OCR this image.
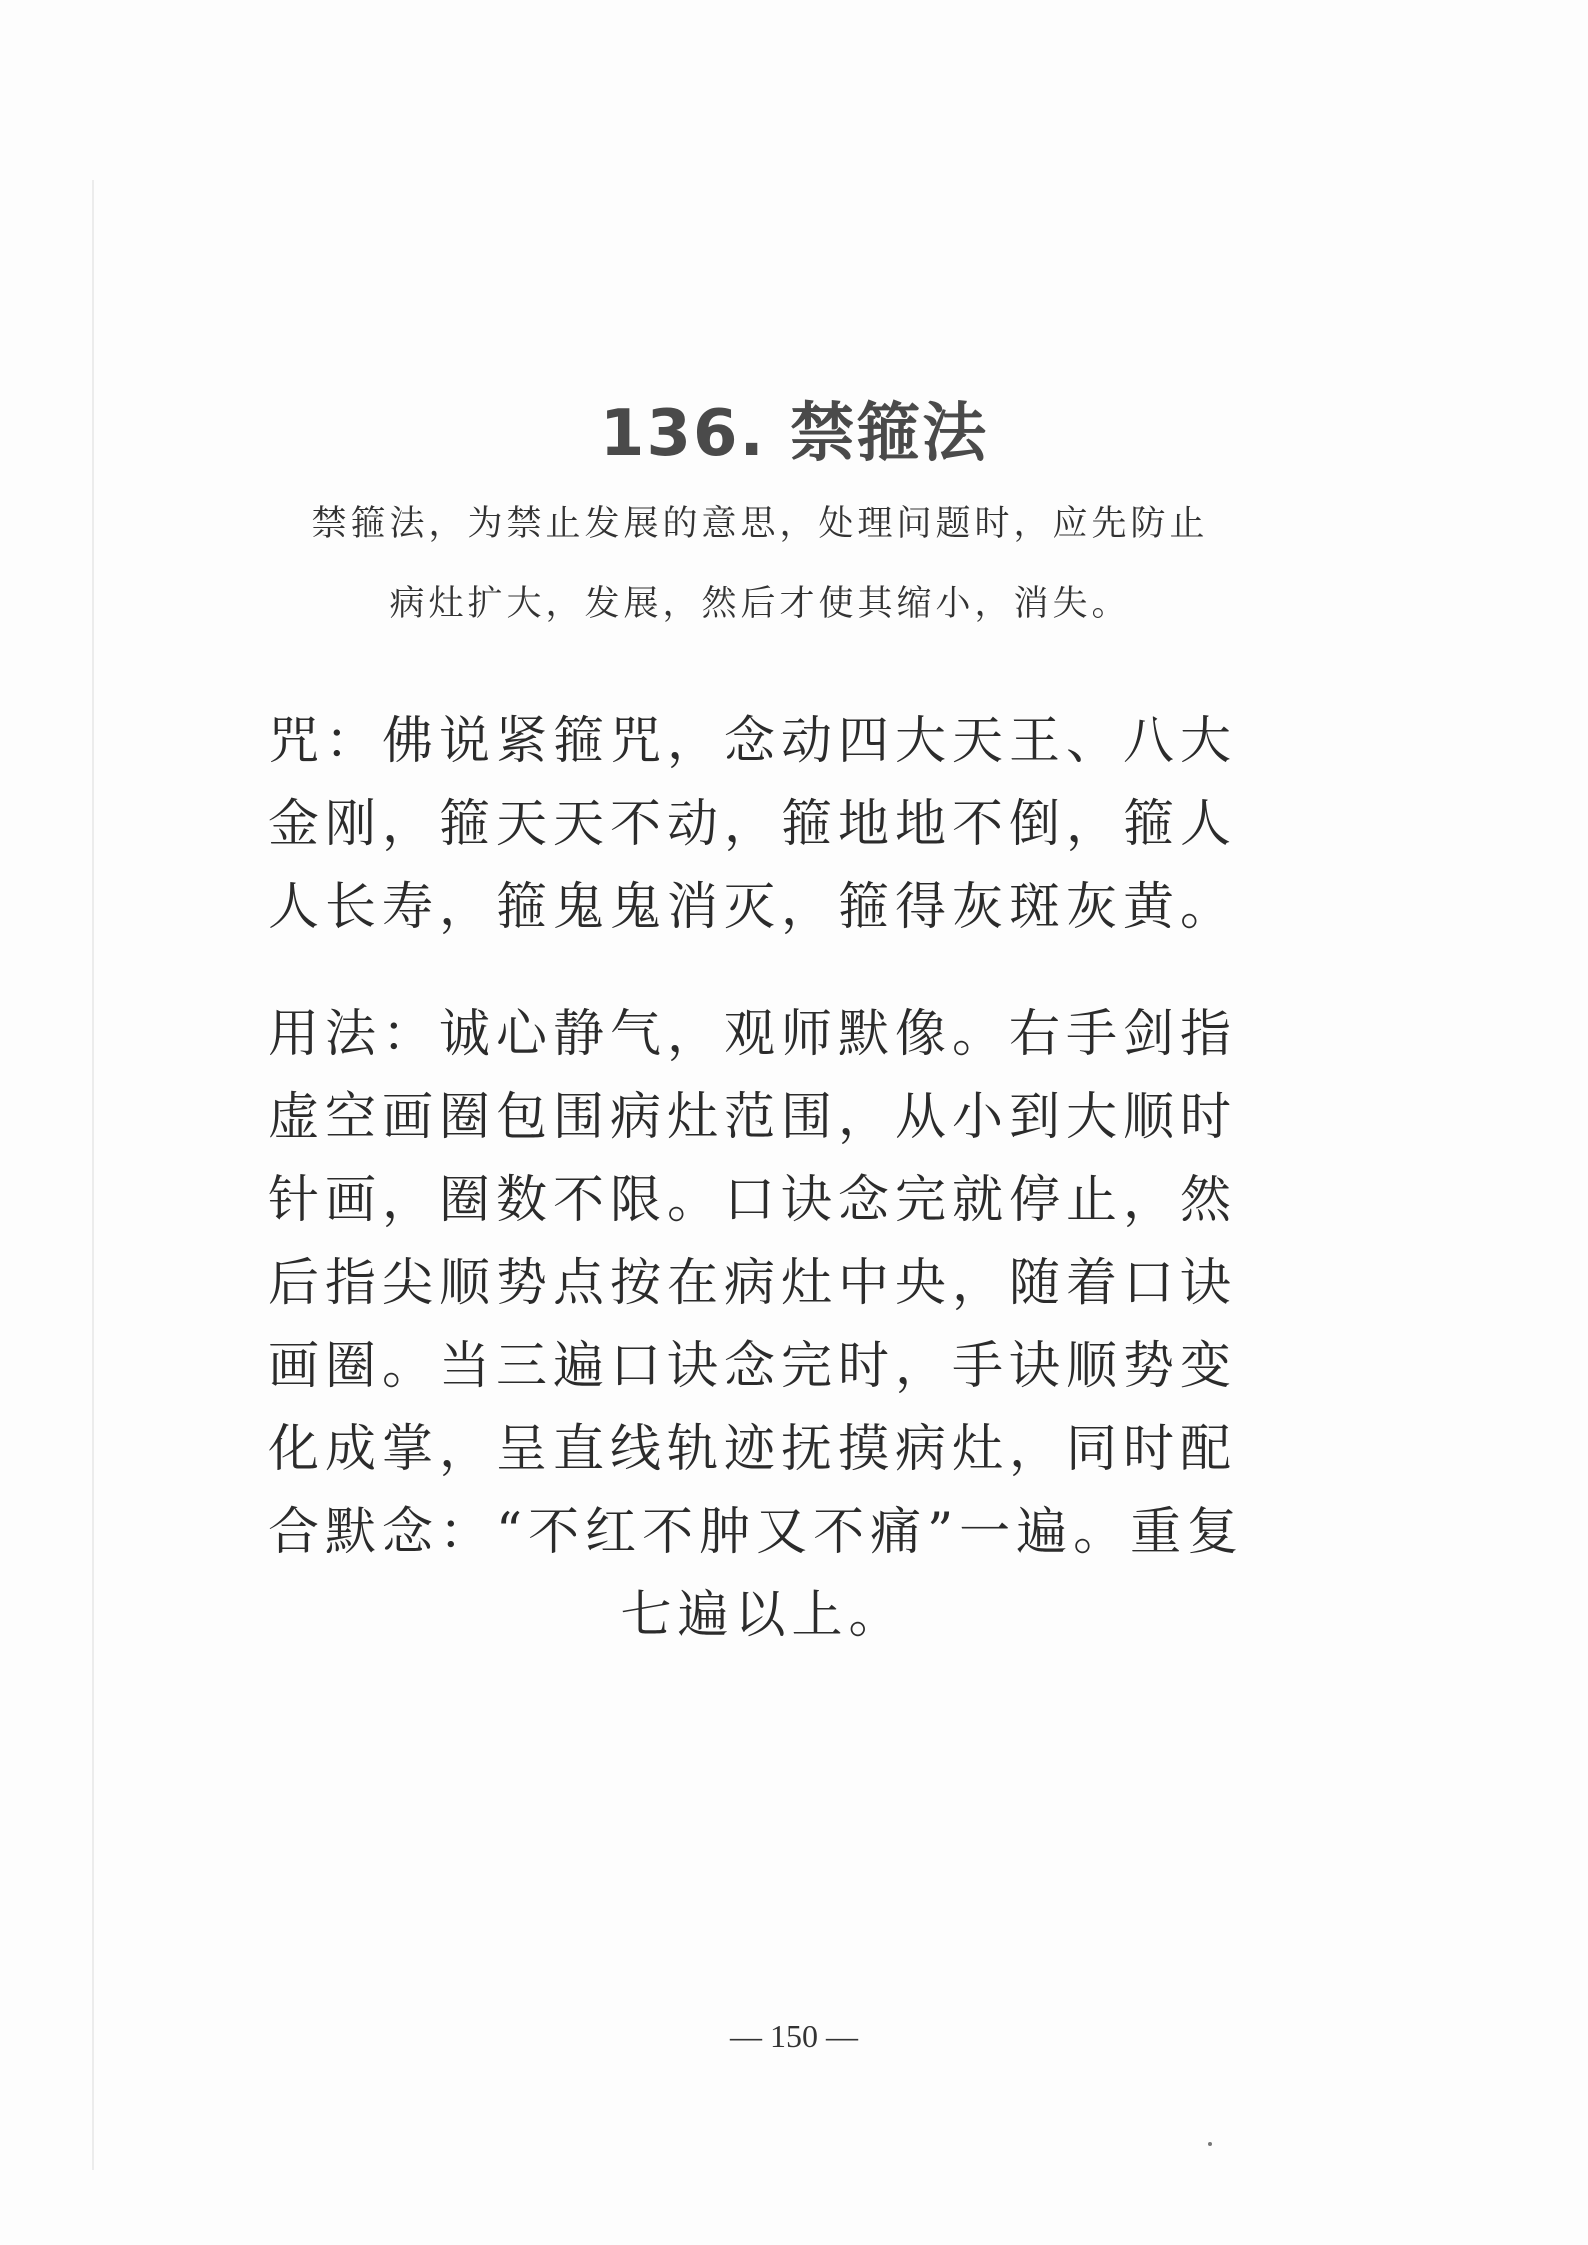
136. 禁箍法
禁箍法，为禁止发展的意思，处理问题时，应先防止
病灶扩大，发展，然后才使其缩小，消失。
咒：佛说紧箍咒，念动四大天王、八大
金刚，箍天天不动，箍地地不倒，箍人
人长寿，箍鬼鬼消灭，箍得灰斑灰黄。
用法：诚心静气，观师默像。右手剑指
虚空画圈包围病灶范围，从小到大顺时
针画，圈数不限。口诀念完就停止，然
后指尖顺势点按在病灶中央，随着口诀
画圈。当三遍口诀念完时，手诀顺势变
化成掌，呈直线轨迹抚摸病灶，同时配
合默念：“不红不肿又不痛”一遍。重复
七遍以上。
— 150 —
